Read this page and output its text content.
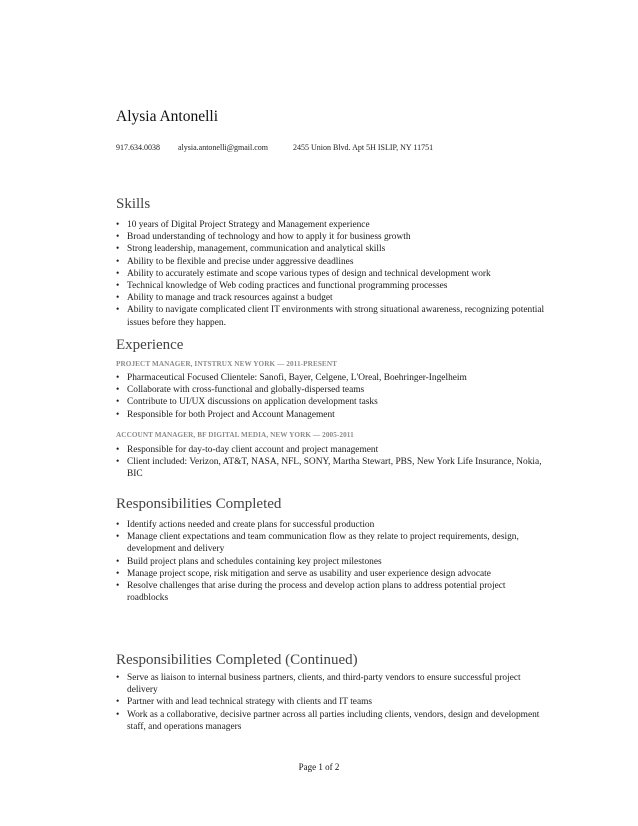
Alysia Antonelli
917.634.0038 alysia.antonelli@gmail.com	2455 Union Blvd. Apt 5H ISLIP, NY 11751
Skills
• 10 years of Digital Project Strategy and Management experience
• Broad understanding of technology and how to apply it for business growth
• Strong leadership, management, communication and analytical skills
• Ability to be flexible and precise under aggressive deadlines
• Ability to accurately estimate and scope various types of design and technical development work
• Technical knowledge of Web coding practices and functional programming processes
• Ability to manage and track resources against a budget
• Ability to navigate complicated client IT environments with strong situational awareness, recognizing potential issues before they happen.
Experience
PROJECT MANAGER, INTSTRUX NEW YORK — 2011-PRESENT
• Pharmaceutical Focused Clientele: Sanofi, Bayer, Celgene, L'Oreal, Boehringer-Ingelheim
• Collaborate with cross-functional and globally-dispersed teams
• Contribute to UI/UX discussions on application development tasks
• Responsible for both Project and Account Management
ACCOUNT MANAGER, BF DIGITAL MEDIA, NEW YORK — 2005-2011
• Responsible for day-to-day client account and project management
• Client included: Verizon, AT&T, NASA, NFL, SONY, Martha Stewart, PBS, New York Life Insurance, Nokia, BIC
Responsibilities Completed
• Identify actions needed and create plans for successful production
• Manage client expectations and team communication flow as they relate to project requirements, design, development and delivery
• Build project plans and schedules containing key project milestones
• Manage project scope, risk mitigation and serve as usability and user experience design advocate
• Resolve challenges that arise during the process and develop action plans to address potential project roadblocks
Responsibilities Completed (Continued)
• Serve as liaison to internal business partners, clients, and third-party vendors to ensure successful project delivery
• Partner with and lead technical strategy with clients and IT teams
• Work as a collaborative, decisive partner across all parties including clients, vendors, design and development staff, and operations managers
Page 1 of 2
